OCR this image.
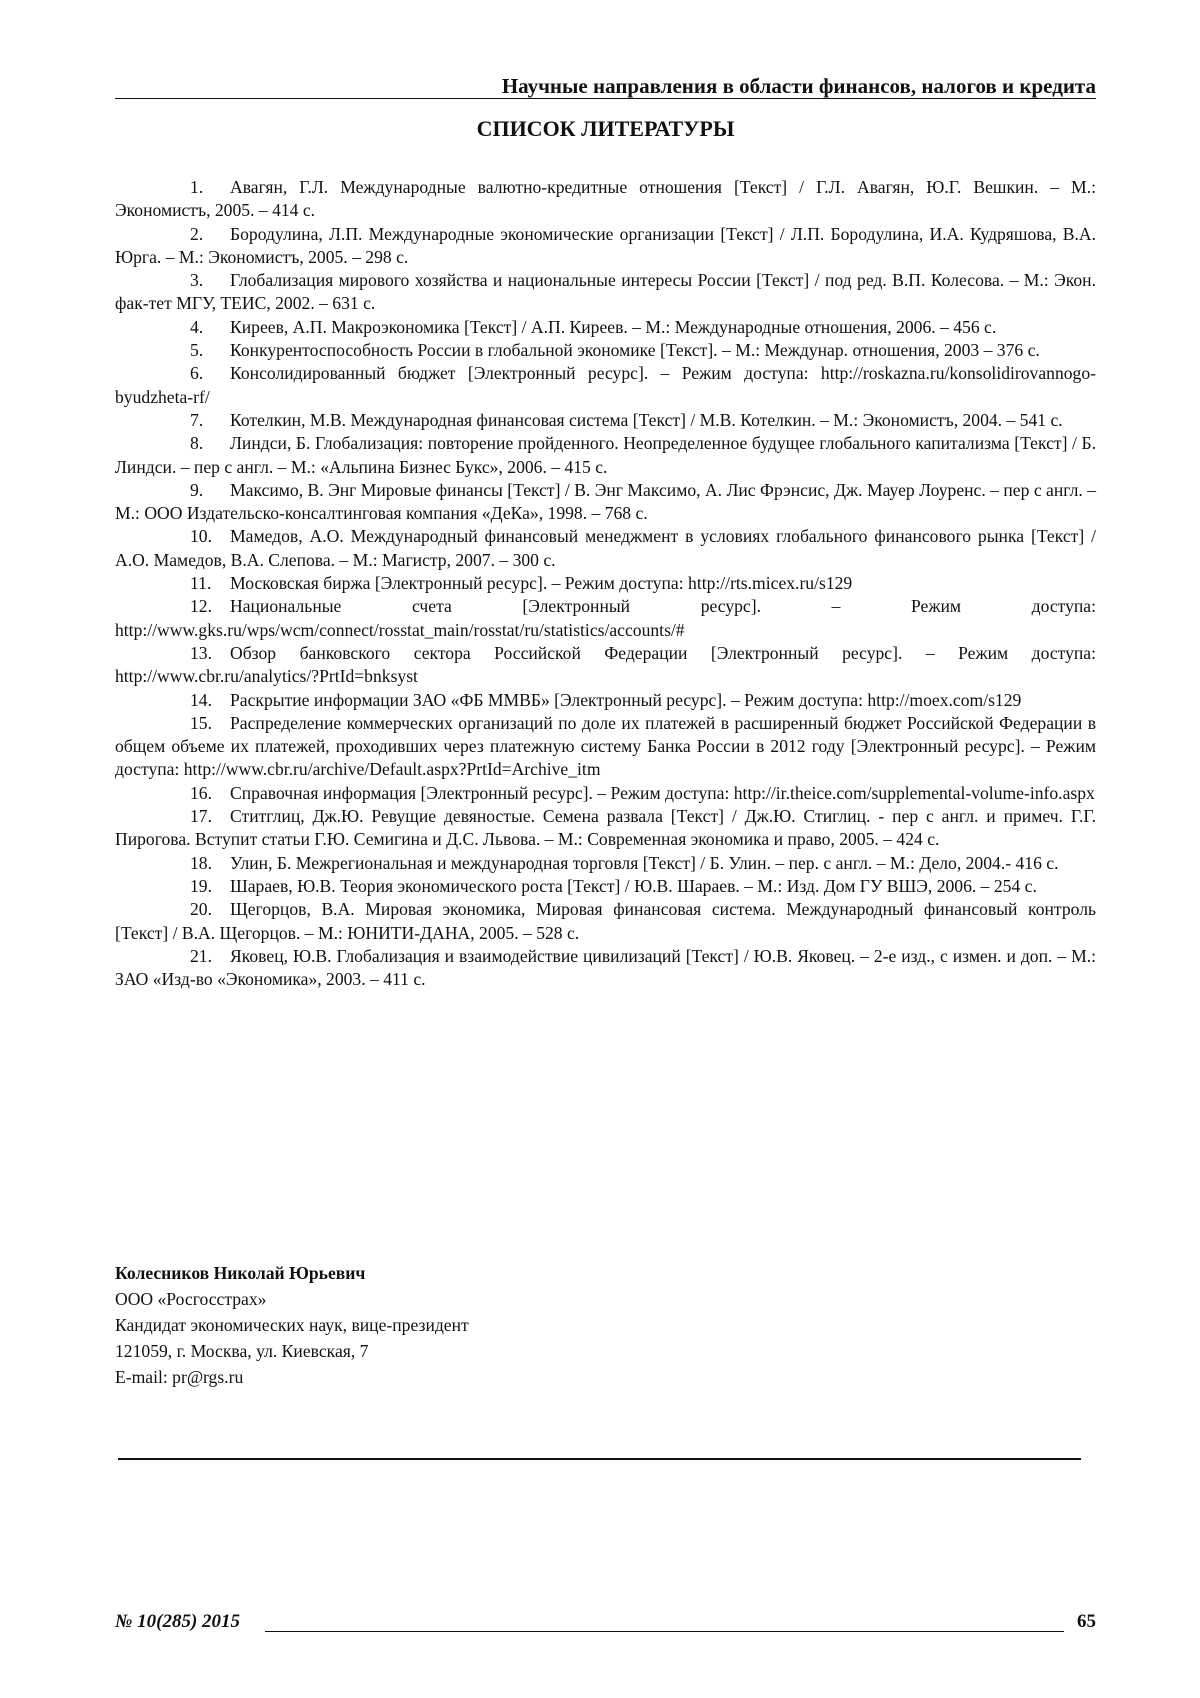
Научные направления в области финансов, налогов и кредита
СПИСОК ЛИТЕРАТУРЫ

1. Авагян, Г.Л. Международные валютно-кредитные отношения [Текст] / Г.Л. Авагян, Ю.Г. Вешкин. – М.: Экономистъ, 2005. – 414 с.

2. Бородулина, Л.П. Международные экономические организации [Текст] / Л.П. Бородулина, И.А. Кудряшова, В.А. Юрга. – М.: Экономистъ, 2005. – 298 с.

3. Глобализация мирового хозяйства и национальные интересы России [Текст] / под ред. В.П. Колесова. – М.: Экон. фак-тет МГУ, ТЕИС, 2002. – 631 с.

4. Киреев, А.П. Макроэкономика [Текст] / А.П. Киреев. – М.: Международные отношения, 2006. – 456 с.

5. Конкурентоспособность России в глобальной экономике [Текст]. – М.: Междунар. отношения, 2003 – 376 с.

6. Консолидированный бюджет [Электронный ресурс]. – Режим доступа: http://roskazna.ru/konsolidirovannogo-byudzheta-rf/

7. Котелкин, М.В. Международная финансовая система [Текст] / М.В. Котелкин. – М.: Экономистъ, 2004. – 541 с.

8. Линдси, Б. Глобализация: повторение пройденного. Неопределенное будущее глобального капитализма [Текст] / Б. Линдси. – пер с англ. – М.: «Альпина Бизнес Букс», 2006. – 415 с.

9. Максимо, В. Энг Мировые финансы [Текст] / В. Энг Максимо, А. Лис Фрэнсис, Дж. Мауер Лоуренс. – пер с англ. – М.: ООО Издательско-консалтинговая компания «ДеКа», 1998. – 768 с.

10. Мамедов, А.О. Международный финансовый менеджмент в условиях глобального финансового рынка [Текст] / А.О. Мамедов, В.А. Слепова. – М.: Магистр, 2007. – 300 с.

11. Московская биржа [Электронный ресурс]. – Режим доступа: http://rts.micex.ru/s129

12. Национальные счета [Электронный ресурс]. – Режим доступа: http://www.gks.ru/wps/wcm/connect/rosstat_main/rosstat/ru/statistics/accounts/#

13. Обзор банковского сектора Российской Федерации [Электронный ресурс]. – Режим доступа: http://www.cbr.ru/analytics/?PrtId=bnksyst

14. Раскрытие информации ЗАО «ФБ ММВБ» [Электронный ресурс]. – Режим доступа: http://moex.com/s129

15. Распределение коммерческих организаций по доле их платежей в расширенный бюджет Российской Федерации в общем объеме их платежей, проходивших через платежную систему Банка России в 2012 году [Электронный ресурс]. – Режим доступа: http://www.cbr.ru/archive/Default.aspx?PrtId=Archive_itm

16. Справочная информация [Электронный ресурс]. – Режим доступа: http://ir.theice.com/supplemental-volume-info.aspx

17. Ститглиц, Дж.Ю. Ревущие девяностые. Семена развала [Текст] / Дж.Ю. Стиглиц. - пер с англ. и примеч. Г.Г. Пирогова. Вступит статьи Г.Ю. Семигина и Д.С. Львова. – М.: Современная экономика и право, 2005. – 424 с.

18. Улин, Б. Межрегиональная и международная торговля [Текст] / Б. Улин. – пер. с англ. – М.: Дело, 2004.- 416 с.

19. Шараев, Ю.В. Теория экономического роста [Текст] / Ю.В. Шараев. – М.: Изд. Дом ГУ ВШЭ, 2006. – 254 с.

20. Щегорцов, В.А. Мировая экономика, Мировая финансовая система. Международный финансовый контроль [Текст] / В.А. Щегорцов. – М.: ЮНИТИ-ДАНА, 2005. – 528 с.

21. Яковец, Ю.В. Глобализация и взаимодействие цивилизаций [Текст] / Ю.В. Яковец. – 2-е изд., с измен. и доп. – М.: ЗАО «Изд-во «Экономика», 2003. – 411 с.

Колесников Николай Юрьевич
ООО «Росгосстрах»
Кандидат экономических наук, вице-президент
121059, г. Москва, ул. Киевская, 7
E-mail: pr@rgs.ru
№ 10(285) 2015	65
